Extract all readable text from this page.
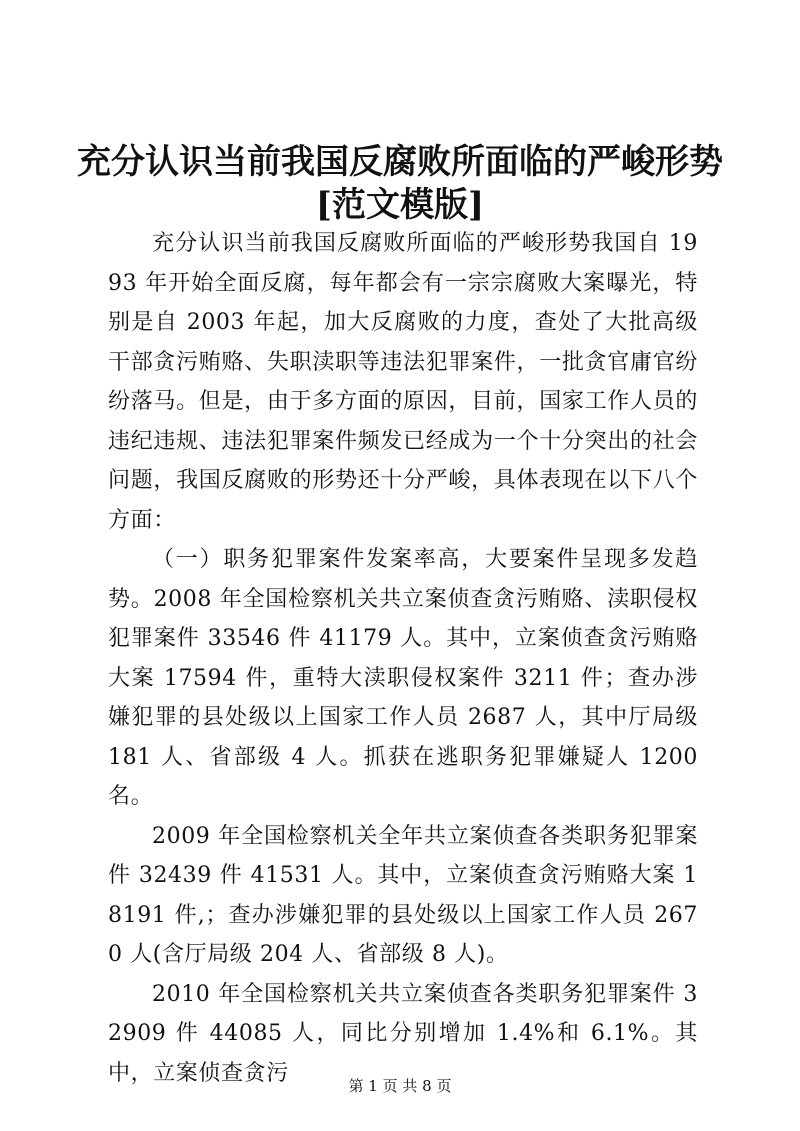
充分认识当前我国反腐败所面临的严峻形势
[范文模版]

充分认识当前我国反腐败所面临的严峻形势我国自 1993 年开始全面反腐，每年都会有一宗宗腐败大案曝光，特别是自 2003 年起，加大反腐败的力度，查处了大批高级干部贪污贿赂、失职渎职等违法犯罪案件，一批贪官庸官纷纷落马。但是，由于多方面的原因，目前，国家工作人员的违纪违规、违法犯罪案件频发已经成为一个十分突出的社会问题，我国反腐败的形势还十分严峻，具体表现在以下八个方面：

（一）职务犯罪案件发案率高，大要案件呈现多发趋势。2008 年全国检察机关共立案侦查贪污贿赂、渎职侵权犯罪案件 33546 件 41179 人。其中，立案侦查贪污贿赂大案 17594 件，重特大渎职侵权案件 3211 件；查办涉嫌犯罪的县处级以上国家工作人员 2687 人，其中厅局级 181 人、省部级 4 人。抓获在逃职务犯罪嫌疑人 1200 名。

2009 年全国检察机关全年共立案侦查各类职务犯罪案件 32439 件 41531 人。其中，立案侦查贪污贿赂大案 18191 件,；查办涉嫌犯罪的县处级以上国家工作人员 2670 人(含厅局级 204 人、省部级 8 人)。

2010 年全国检察机关共立案侦查各类职务犯罪案件 32909 件 44085 人，同比分别增加 1.4%和 6.1%。其中，立案侦查贪污

第 1 页 共 8 页
